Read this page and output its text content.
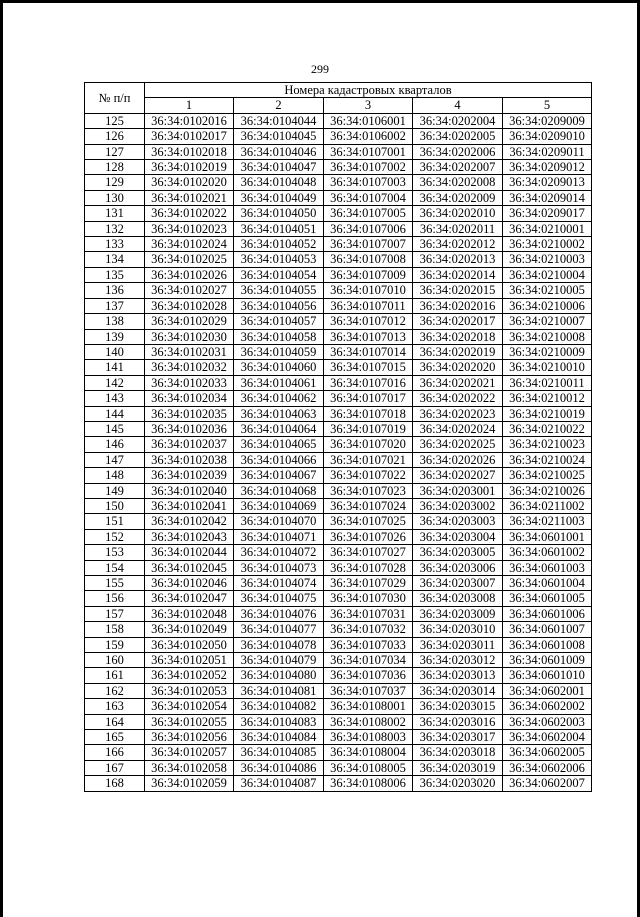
299
№ п/п	Номера кадастровых кварталов				
	1	2	3	4	5
125	36:34:0102016	36:34:0104044	36:34:0106001	36:34:0202004	36:34:0209009
126	36:34:0102017	36:34:0104045	36:34:0106002	36:34:0202005	36:34:0209010
127	36:34:0102018	36:34:0104046	36:34:0107001	36:34:0202006	36:34:0209011
128	36:34:0102019	36:34:0104047	36:34:0107002	36:34:0202007	36:34:0209012
129	36:34:0102020	36:34:0104048	36:34:0107003	36:34:0202008	36:34:0209013
130	36:34:0102021	36:34:0104049	36:34:0107004	36:34:0202009	36:34:0209014
131	36:34:0102022	36:34:0104050	36:34:0107005	36:34:0202010	36:34:0209017
132	36:34:0102023	36:34:0104051	36:34:0107006	36:34:0202011	36:34:0210001
133	36:34:0102024	36:34:0104052	36:34:0107007	36:34:0202012	36:34:0210002
134	36:34:0102025	36:34:0104053	36:34:0107008	36:34:0202013	36:34:0210003
135	36:34:0102026	36:34:0104054	36:34:0107009	36:34:0202014	36:34:0210004
136	36:34:0102027	36:34:0104055	36:34:0107010	36:34:0202015	36:34:0210005
137	36:34:0102028	36:34:0104056	36:34:0107011	36:34:0202016	36:34:0210006
138	36:34:0102029	36:34:0104057	36:34:0107012	36:34:0202017	36:34:0210007
139	36:34:0102030	36:34:0104058	36:34:0107013	36:34:0202018	36:34:0210008
140	36:34:0102031	36:34:0104059	36:34:0107014	36:34:0202019	36:34:0210009
141	36:34:0102032	36:34:0104060	36:34:0107015	36:34:0202020	36:34:0210010
142	36:34:0102033	36:34:0104061	36:34:0107016	36:34:0202021	36:34:0210011
143	36:34:0102034	36:34:0104062	36:34:0107017	36:34:0202022	36:34:0210012
144	36:34:0102035	36:34:0104063	36:34:0107018	36:34:0202023	36:34:0210019
145	36:34:0102036	36:34:0104064	36:34:0107019	36:34:0202024	36:34:0210022
146	36:34:0102037	36:34:0104065	36:34:0107020	36:34:0202025	36:34:0210023
147	36:34:0102038	36:34:0104066	36:34:0107021	36:34:0202026	36:34:0210024
148	36:34:0102039	36:34:0104067	36:34:0107022	36:34:0202027	36:34:0210025
149	36:34:0102040	36:34:0104068	36:34:0107023	36:34:0203001	36:34:0210026
150	36:34:0102041	36:34:0104069	36:34:0107024	36:34:0203002	36:34:0211002
151	36:34:0102042	36:34:0104070	36:34:0107025	36:34:0203003	36:34:0211003
152	36:34:0102043	36:34:0104071	36:34:0107026	36:34:0203004	36:34:0601001
153	36:34:0102044	36:34:0104072	36:34:0107027	36:34:0203005	36:34:0601002
154	36:34:0102045	36:34:0104073	36:34:0107028	36:34:0203006	36:34:0601003
155	36:34:0102046	36:34:0104074	36:34:0107029	36:34:0203007	36:34:0601004
156	36:34:0102047	36:34:0104075	36:34:0107030	36:34:0203008	36:34:0601005
157	36:34:0102048	36:34:0104076	36:34:0107031	36:34:0203009	36:34:0601006
158	36:34:0102049	36:34:0104077	36:34:0107032	36:34:0203010	36:34:0601007
159	36:34:0102050	36:34:0104078	36:34:0107033	36:34:0203011	36:34:0601008
160	36:34:0102051	36:34:0104079	36:34:0107034	36:34:0203012	36:34:0601009
161	36:34:0102052	36:34:0104080	36:34:0107036	36:34:0203013	36:34:0601010
162	36:34:0102053	36:34:0104081	36:34:0107037	36:34:0203014	36:34:0602001
163	36:34:0102054	36:34:0104082	36:34:0108001	36:34:0203015	36:34:0602002
164	36:34:0102055	36:34:0104083	36:34:0108002	36:34:0203016	36:34:0602003
165	36:34:0102056	36:34:0104084	36:34:0108003	36:34:0203017	36:34:0602004
166	36:34:0102057	36:34:0104085	36:34:0108004	36:34:0203018	36:34:0602005
167	36:34:0102058	36:34:0104086	36:34:0108005	36:34:0203019	36:34:0602006
168	36:34:0102059	36:34:0104087	36:34:0108006	36:34:0203020	36:34:0602007
